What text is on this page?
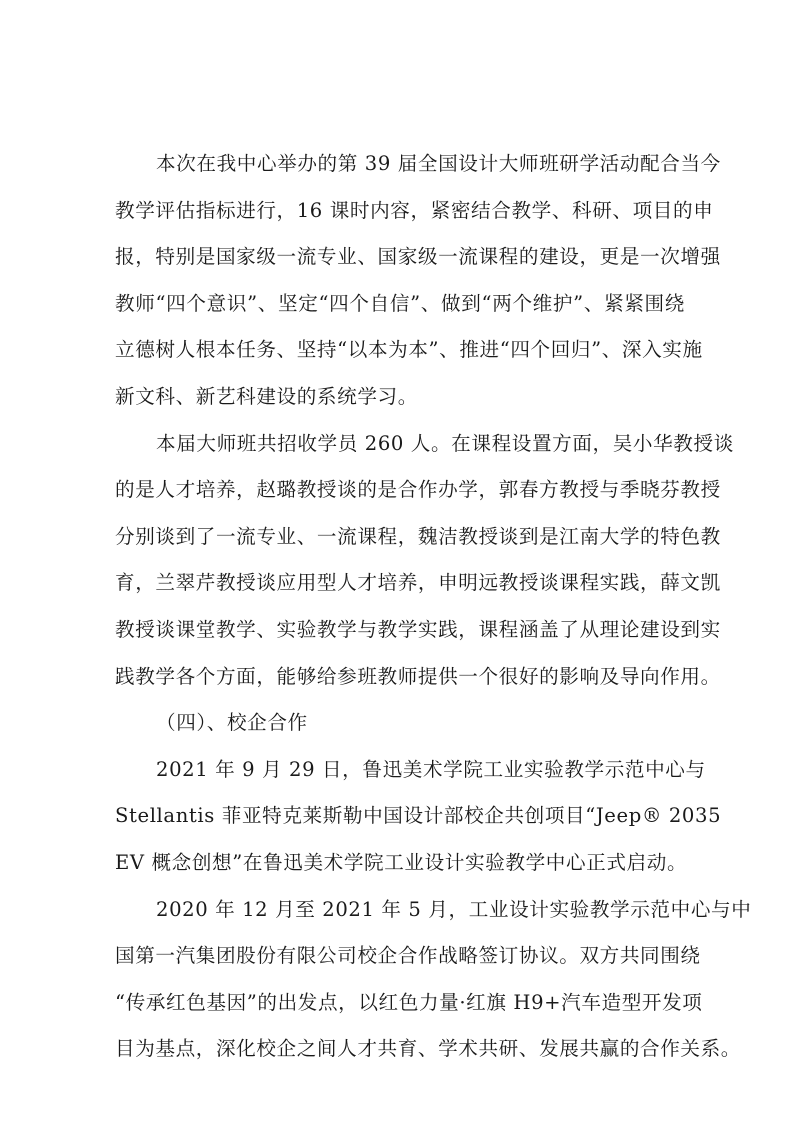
本次在我中心举办的第 39 届全国设计大师班研学活动配合当今
教学评估指标进行，16 课时内容，紧密结合教学、科研、项目的申
报，特别是国家级一流专业、国家级一流课程的建设，更是一次增强
教师“四个意识”、坚定“四个自信”、做到“两个维护”、紧紧围绕
立德树人根本任务、坚持“以本为本”、推进“四个回归”、深入实施
新文科、新艺科建设的系统学习。
本届大师班共招收学员 260 人。在课程设置方面，吴小华教授谈
的是人才培养，赵璐教授谈的是合作办学，郭春方教授与季晓芬教授
分别谈到了一流专业、一流课程，魏洁教授谈到是江南大学的特色教
育，兰翠芹教授谈应用型人才培养，申明远教授谈课程实践，薛文凯
教授谈课堂教学、实验教学与教学实践，课程涵盖了从理论建设到实
践教学各个方面，能够给参班教师提供一个很好的影响及导向作用。
（四）、校企合作
2021 年 9 月 29 日，鲁迅美术学院工业实验教学示范中心与
Stellantis 菲亚特克莱斯勒中国设计部校企共创项目“Jeep® 2035
EV 概念创想”在鲁迅美术学院工业设计实验教学中心正式启动。
2020 年 12 月至 2021 年 5 月，工业设计实验教学示范中心与中
国第一汽集团股份有限公司校企合作战略签订协议。双方共同围绕
“传承红色基因”的出发点，以红色力量·红旗 H9+汽车造型开发项
目为基点，深化校企之间人才共育、学术共研、发展共赢的合作关系。
